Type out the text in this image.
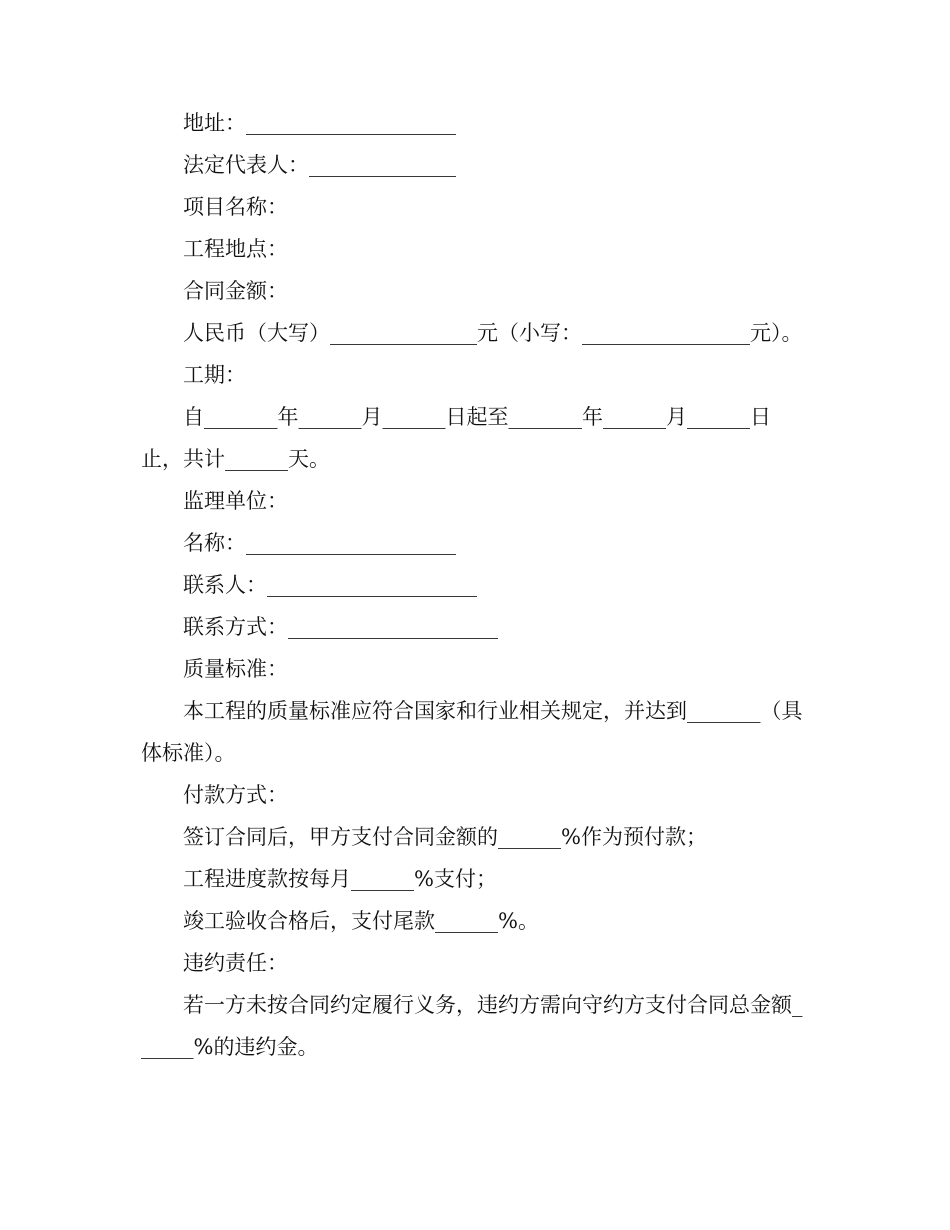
地址：____________________

法定代表人：______________

项目名称：

工程地点：

合同金额：

人民币（大写）______________元（小写：________________元）。

工期：

自_______年______月______日起至_______年______月______日止，共计______天。

监理单位：

名称：____________________

联系人：____________________

联系方式：____________________

质量标准：

本工程的质量标准应符合国家和行业相关规定，并达到_______（具体标准）。

付款方式：

签订合同后，甲方支付合同金额的______%作为预付款；

工程进度款按每月______%支付；

竣工验收合格后，支付尾款______%。

违约责任：

若一方未按合同约定履行义务，违约方需向守约方支付合同总金额______%的违约金。
